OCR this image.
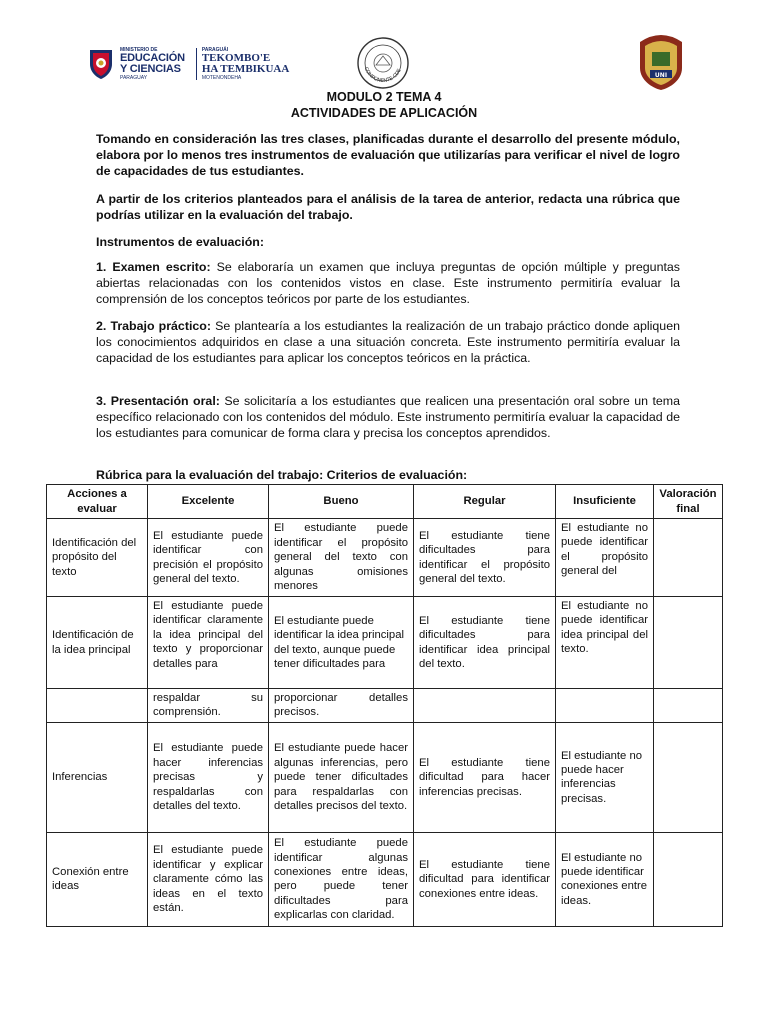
MINISTERIO DE
EDUCACIÓN
Y CIENCIAS
PARAGUAY
PARAGUÁI
TEKOMBO'E
HA TEMBIKUAA
MOTENONDEHA
COMPONENTE CDE
UNI
MODULO 2 TEMA 4
ACTIVIDADES DE APLICACIÓN
Tomando en consideración las tres clases, planificadas durante el desarrollo del presente módulo, elabora por lo menos tres instrumentos de evaluación que utilizarías para verificar el nivel de logro de capacidades de tus estudiantes.
A partir de los criterios planteados para el análisis de la tarea de anterior, redacta una rúbrica que podrías utilizar en la evaluación del trabajo.
Instrumentos de evaluación:
1. Examen escrito: Se elaboraría un examen que incluya preguntas de opción múltiple y preguntas abiertas relacionadas con los contenidos vistos en clase. Este instrumento permitiría evaluar la comprensión de los conceptos teóricos por parte de los estudiantes.
2. Trabajo práctico: Se plantearía a los estudiantes la realización de un trabajo práctico donde apliquen los conocimientos adquiridos en clase a una situación concreta. Este instrumento permitiría evaluar la capacidad de los estudiantes para aplicar los conceptos teóricos en la práctica.
3. Presentación oral: Se solicitaría a los estudiantes que realicen una presentación oral sobre un tema específico relacionado con los contenidos del módulo. Este instrumento permitiría evaluar la capacidad de los estudiantes para comunicar de forma clara y precisa los conceptos aprendidos.
Rúbrica para la evaluación del trabajo: Criterios de evaluación:
Acciones a evaluar	Excelente	Bueno	Regular	Insuficiente	Valoración final
Identificación del propósito del texto	El estudiante puede identificar con precisión el propósito general del texto.	El estudiante puede identificar el propósito general del texto con algunas omisiones menores	El estudiante tiene dificultades para identificar el propósito general del texto.	El estudiante no puede identificar el propósito general del	
Identificación de la idea principal	El estudiante puede identificar claramente la idea principal del texto y proporcionar detalles para	El estudiante puede identificar la idea principal del texto, aunque puede tener dificultades para	El estudiante tiene dificultades para identificar idea principal del texto.	El estudiante no puede identificar idea principal del texto.	
	respaldar su comprensión.	proporcionar detalles precisos.			
Inferencias	El estudiante puede hacer inferencias precisas y respaldarlas con detalles del texto.	El estudiante puede hacer algunas inferencias, pero puede tener dificultades para respaldarlas con detalles precisos del texto.	El estudiante tiene dificultad para hacer inferencias precisas.	El estudiante no puede hacer inferencias precisas.	
Conexión entre ideas	El estudiante puede identificar y explicar claramente cómo las ideas en el texto están.	El estudiante puede identificar algunas conexiones entre ideas, pero puede tener dificultades para explicarlas con claridad.	El estudiante tiene dificultad para identificar conexiones entre ideas.	El estudiante no puede identificar conexiones entre ideas.	
